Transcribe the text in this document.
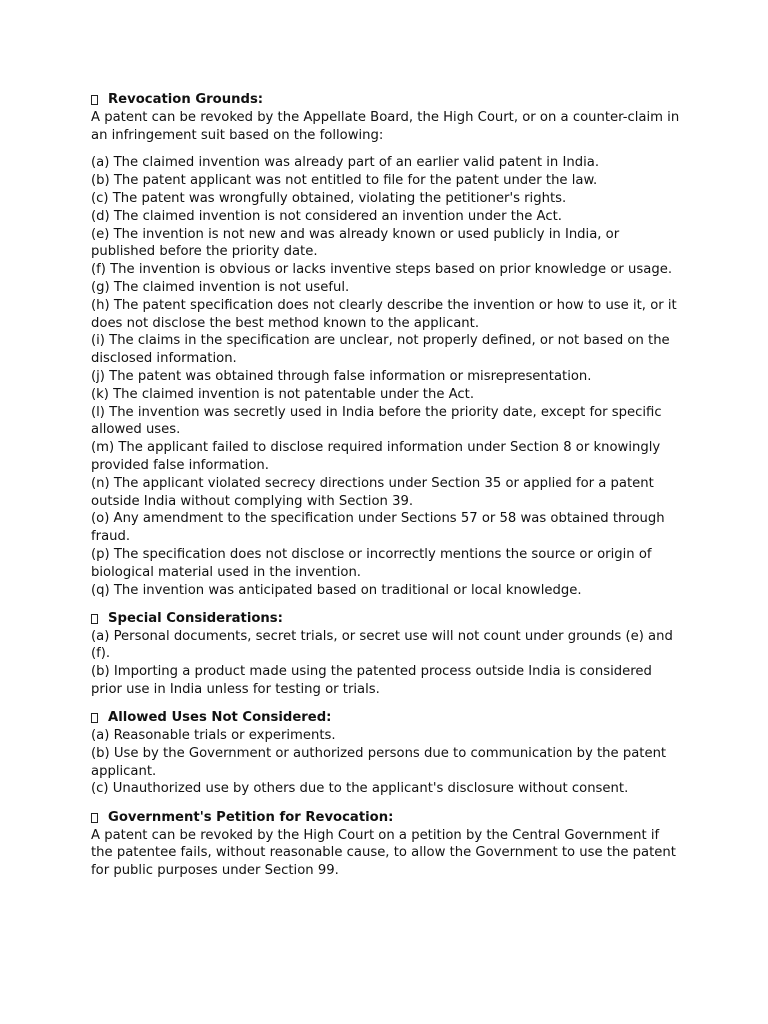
Revocation Grounds:

A patent can be revoked by the Appellate Board, the High Court, or on a counter-claim in an infringement suit based on the following:

(a) The claimed invention was already part of an earlier valid patent in India.

(b) The patent applicant was not entitled to file for the patent under the law.

(c) The patent was wrongfully obtained, violating the petitioner's rights.

(d) The claimed invention is not considered an invention under the Act.

(e) The invention is not new and was already known or used publicly in India, or published before the priority date.

(f) The invention is obvious or lacks inventive steps based on prior knowledge or usage.

(g) The claimed invention is not useful.

(h) The patent specification does not clearly describe the invention or how to use it, or it does not disclose the best method known to the applicant.

(i) The claims in the specification are unclear, not properly defined, or not based on the disclosed information.

(j) The patent was obtained through false information or misrepresentation.

(k) The claimed invention is not patentable under the Act.

(l) The invention was secretly used in India before the priority date, except for specific allowed uses.

(m) The applicant failed to disclose required information under Section 8 or knowingly provided false information.

(n) The applicant violated secrecy directions under Section 35 or applied for a patent outside India without complying with Section 39.

(o) Any amendment to the specification under Sections 57 or 58 was obtained through fraud.

(p) The specification does not disclose or incorrectly mentions the source or origin of biological material used in the invention.

(q) The invention was anticipated based on traditional or local knowledge.

Special Considerations:

(a) Personal documents, secret trials, or secret use will not count under grounds (e) and (f).

(b) Importing a product made using the patented process outside India is considered prior use in India unless for testing or trials.

Allowed Uses Not Considered:

(a) Reasonable trials or experiments.

(b) Use by the Government or authorized persons due to communication by the patent applicant.

(c) Unauthorized use by others due to the applicant's disclosure without consent.

Government's Petition for Revocation:

A patent can be revoked by the High Court on a petition by the Central Government if the patentee fails, without reasonable cause, to allow the Government to use the patent for public purposes under Section 99.
